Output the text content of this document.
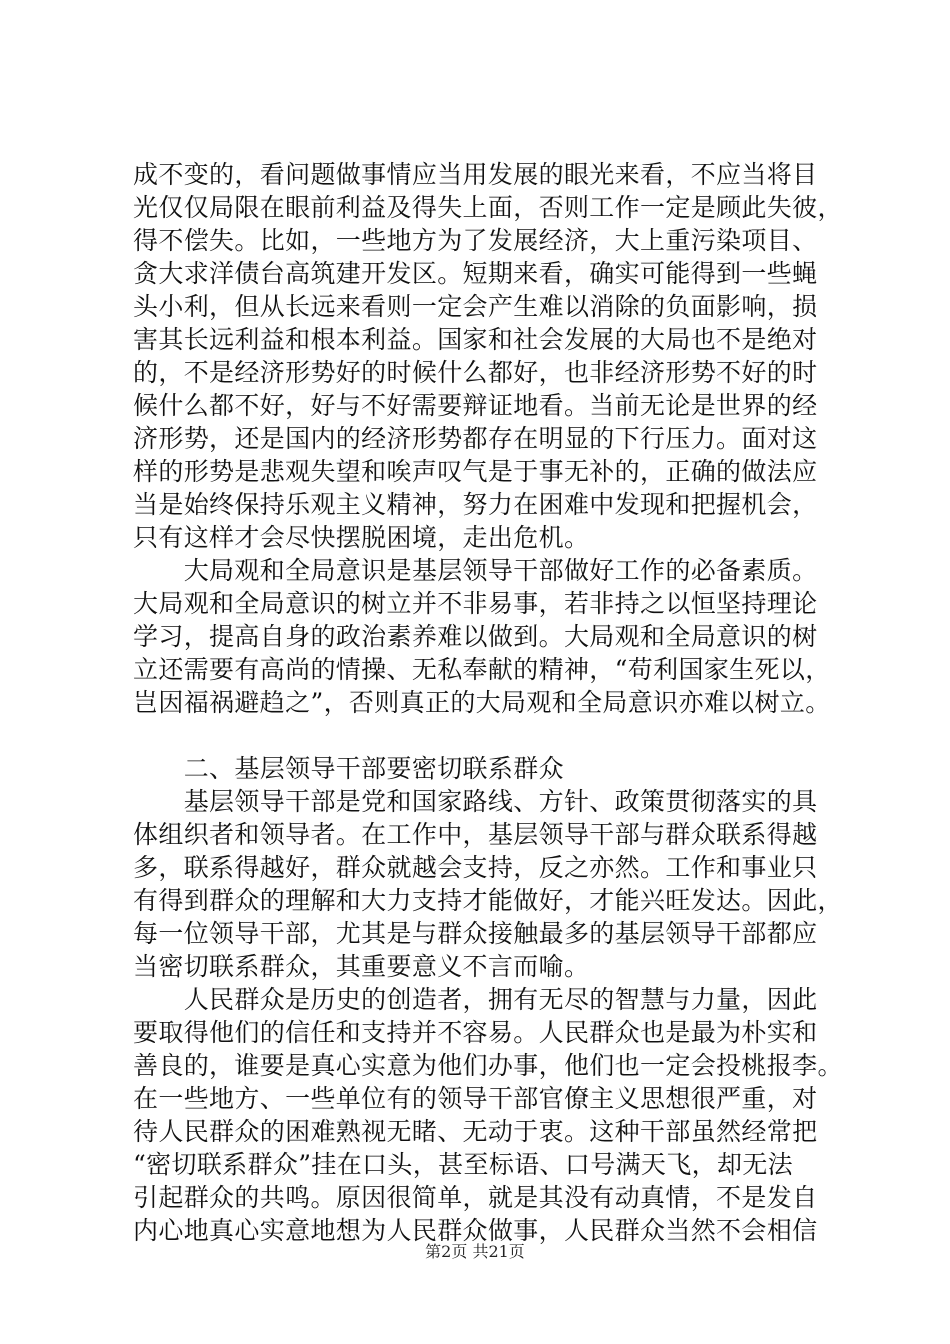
成不变的，看问题做事情应当用发展的眼光来看，不应当将目
光仅仅局限在眼前利益及得失上面，否则工作一定是顾此失彼，
得不偿失。比如，一些地方为了发展经济，大上重污染项目、
贪大求洋债台高筑建开发区。短期来看，确实可能得到一些蝇
头小利，但从长远来看则一定会产生难以消除的负面影响，损
害其长远利益和根本利益。国家和社会发展的大局也不是绝对
的，不是经济形势好的时候什么都好，也非经济形势不好的时
候什么都不好，好与不好需要辩证地看。当前无论是世界的经
济形势，还是国内的经济形势都存在明显的下行压力。面对这
样的形势是悲观失望和唉声叹气是于事无补的，正确的做法应
当是始终保持乐观主义精神，努力在困难中发现和把握机会，
只有这样才会尽快摆脱困境，走出危机。
　　大局观和全局意识是基层领导干部做好工作的必备素质。
大局观和全局意识的树立并不非易事，若非持之以恒坚持理论
学习，提高自身的政治素养难以做到。大局观和全局意识的树
立还需要有高尚的情操、无私奉献的精神，“苟利国家生死以，
岂因福祸避趋之”，否则真正的大局观和全局意识亦难以树立。
　　二、基层领导干部要密切联系群众
　　基层领导干部是党和国家路线、方针、政策贯彻落实的具
体组织者和领导者。在工作中，基层领导干部与群众联系得越
多，联系得越好，群众就越会支持，反之亦然。工作和事业只
有得到群众的理解和大力支持才能做好，才能兴旺发达。因此，
每一位领导干部，尤其是与群众接触最多的基层领导干部都应
当密切联系群众，其重要意义不言而喻。
　　人民群众是历史的创造者，拥有无尽的智慧与力量，因此
要取得他们的信任和支持并不容易。人民群众也是最为朴实和
善良的，谁要是真心实意为他们办事，他们也一定会投桃报李。
在一些地方、一些单位有的领导干部官僚主义思想很严重，对
待人民群众的困难熟视无睹、无动于衷。这种干部虽然经常把
“密切联系群众”挂在口头，甚至标语、口号满天飞，却无法
引起群众的共鸣。原因很简单，就是其没有动真情，不是发自
内心地真心实意地想为人民群众做事，人民群众当然不会相信
第2页 共21页
